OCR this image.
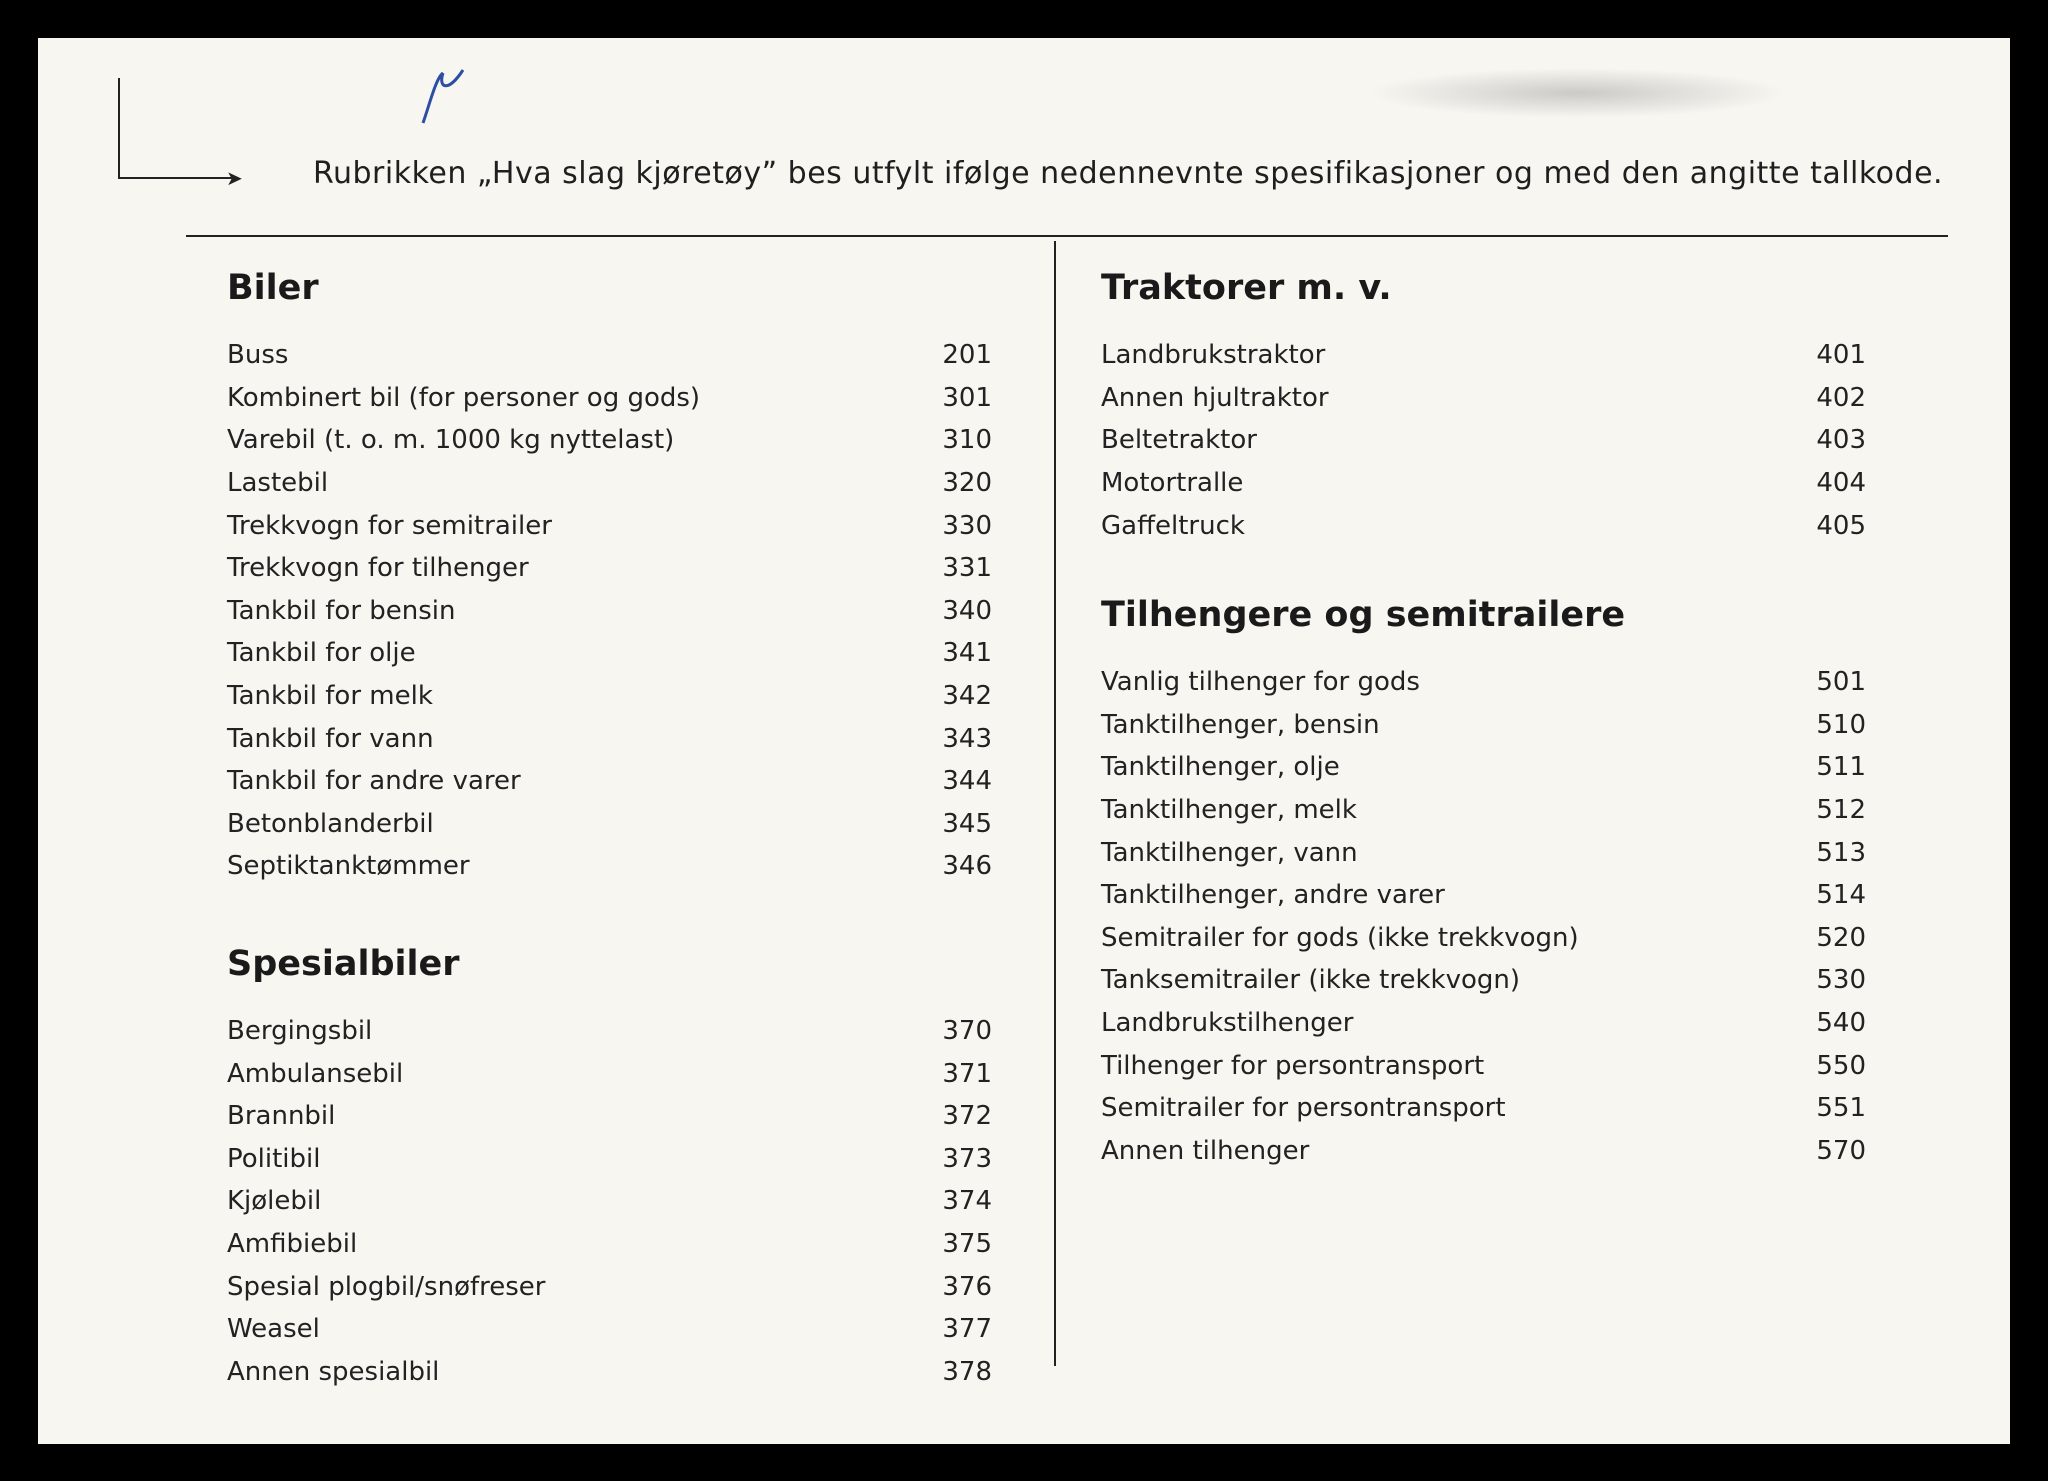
➤ Rubrikken „Hva slag kjøretøy” bes utfylt ifølge nedennevnte spesifikasjoner og med den angitte tallkode.
Biler
Buss	201
Kombinert bil (for personer og gods)	301
Varebil (t. o. m. 1000 kg nyttelast)	310
Lastebil	320
Trekkvogn for semitrailer	330
Trekkvogn for tilhenger	331
Tankbil for bensin	340
Tankbil for olje	341
Tankbil for melk	342
Tankbil for vann	343
Tankbil for andre varer	344
Betonblanderbil	345
Septiktanktømmer	346
Spesialbiler
Bergingsbil	370
Ambulansebil	371
Brannbil	372
Politibil	373
Kjølebil	374
Amfibiebil	375
Spesial plogbil/snøfreser	376
Weasel	377
Annen spesialbil	378
Traktorer m. v.
Landbrukstraktor	401
Annen hjultraktor	402
Beltetraktor	403
Motortralle	404
Gaffeltruck	405
Tilhengere og semitrailere
Vanlig tilhenger for gods	501
Tanktilhenger, bensin	510
Tanktilhenger, olje	511
Tanktilhenger, melk	512
Tanktilhenger, vann	513
Tanktilhenger, andre varer	514
Semitrailer for gods (ikke trekkvogn)	520
Tanksemitrailer (ikke trekkvogn)	530
Landbrukstilhenger	540
Tilhenger for persontransport	550
Semitrailer for persontransport	551
Annen tilhenger	570
